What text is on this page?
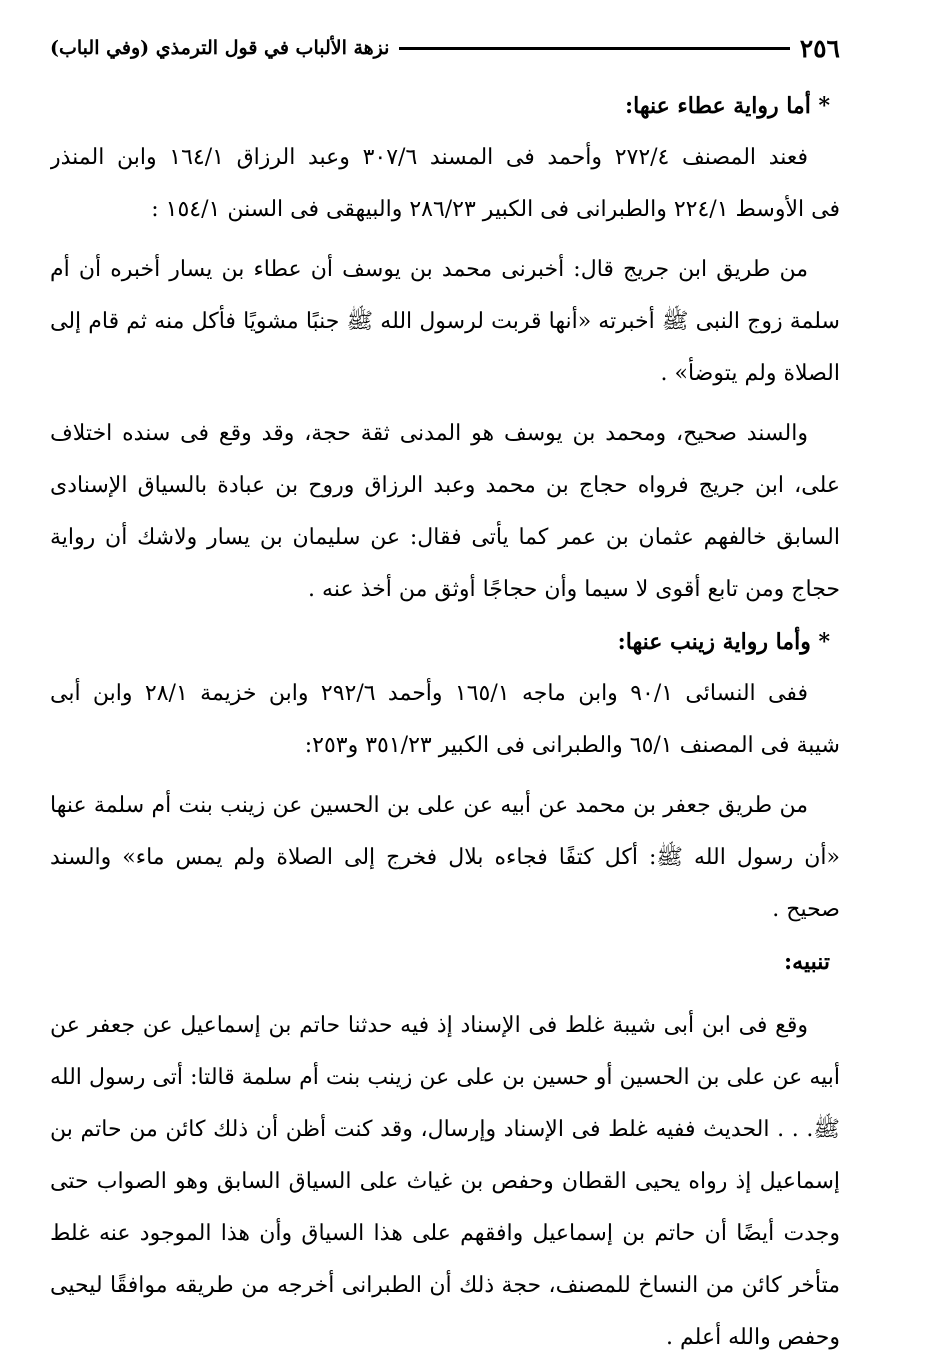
٢٥٦
نزهة الألباب في قول الترمذي (وفي الباب)
* أما رواية عطاء عنها:
فعند المصنف ٢٧٢/٤ وأحمد فى المسند ٣٠٧/٦ وعبد الرزاق ١٦٤/١ وابن المنذر
فى الأوسط ٢٢٤/١ والطبرانى فى الكبير ٢٨٦/٢٣ والبيهقى فى السنن ١٥٤/١ :
من طريق ابن جريج قال: أخبرنى محمد بن يوسف أن عطاء بن يسار أخبره أن أم
سلمة زوج النبى ﷺ أخبرته «أنها قربت لرسول الله ﷺ جنبًا مشويًا فأكل منه ثم قام إلى
الصلاة ولم يتوضأ» .
والسند صحيح، ومحمد بن يوسف هو المدنى ثقة حجة، وقد وقع فى سنده اختلاف
على، ابن جريج فرواه حجاج بن محمد وعبد الرزاق وروح بن عبادة بالسياق الإسنادى
السابق خالفهم عثمان بن عمر كما يأتى فقال: عن سليمان بن يسار ولاشك أن رواية
حجاج ومن تابع أقوى لا سيما وأن حجاجًا أوثق من أخذ عنه .
* وأما رواية زينب عنها:
ففى النسائى ٩٠/١ وابن ماجه ١٦٥/١ وأحمد ٢٩٢/٦ وابن خزيمة ٢٨/١ وابن أبى
شيبة فى المصنف ٦٥/١ والطبرانى فى الكبير ٣٥١/٢٣ و٢٥٣:
من طريق جعفر بن محمد عن أبيه عن على بن الحسين عن زينب بنت أم سلمة عنها
«أن رسول الله ﷺ: أكل كتفًا فجاءه بلال فخرج إلى الصلاة ولم يمس ماء» والسند
صحيح .
تنبيه:
وقع فى ابن أبى شيبة غلط فى الإسناد إذ فيه حدثنا حاتم بن إسماعيل عن جعفر عن
أبيه عن على بن الحسين أو حسين بن على عن زينب بنت أم سلمة قالتا: أتى رسول الله
ﷺ. . . الحديث ففيه غلط فى الإسناد وإرسال، وقد كنت أظن أن ذلك كائن من حاتم بن
إسماعيل إذ رواه يحيى القطان وحفص بن غياث على السياق السابق وهو الصواب حتى
وجدت أيضًا أن حاتم بن إسماعيل وافقهم على هذا السياق وأن هذا الموجود عنه غلط
متأخر كائن من النساخ للمصنف، حجة ذلك أن الطبرانى أخرجه من طريقه موافقًا ليحيى
وحفص والله أعلم .
